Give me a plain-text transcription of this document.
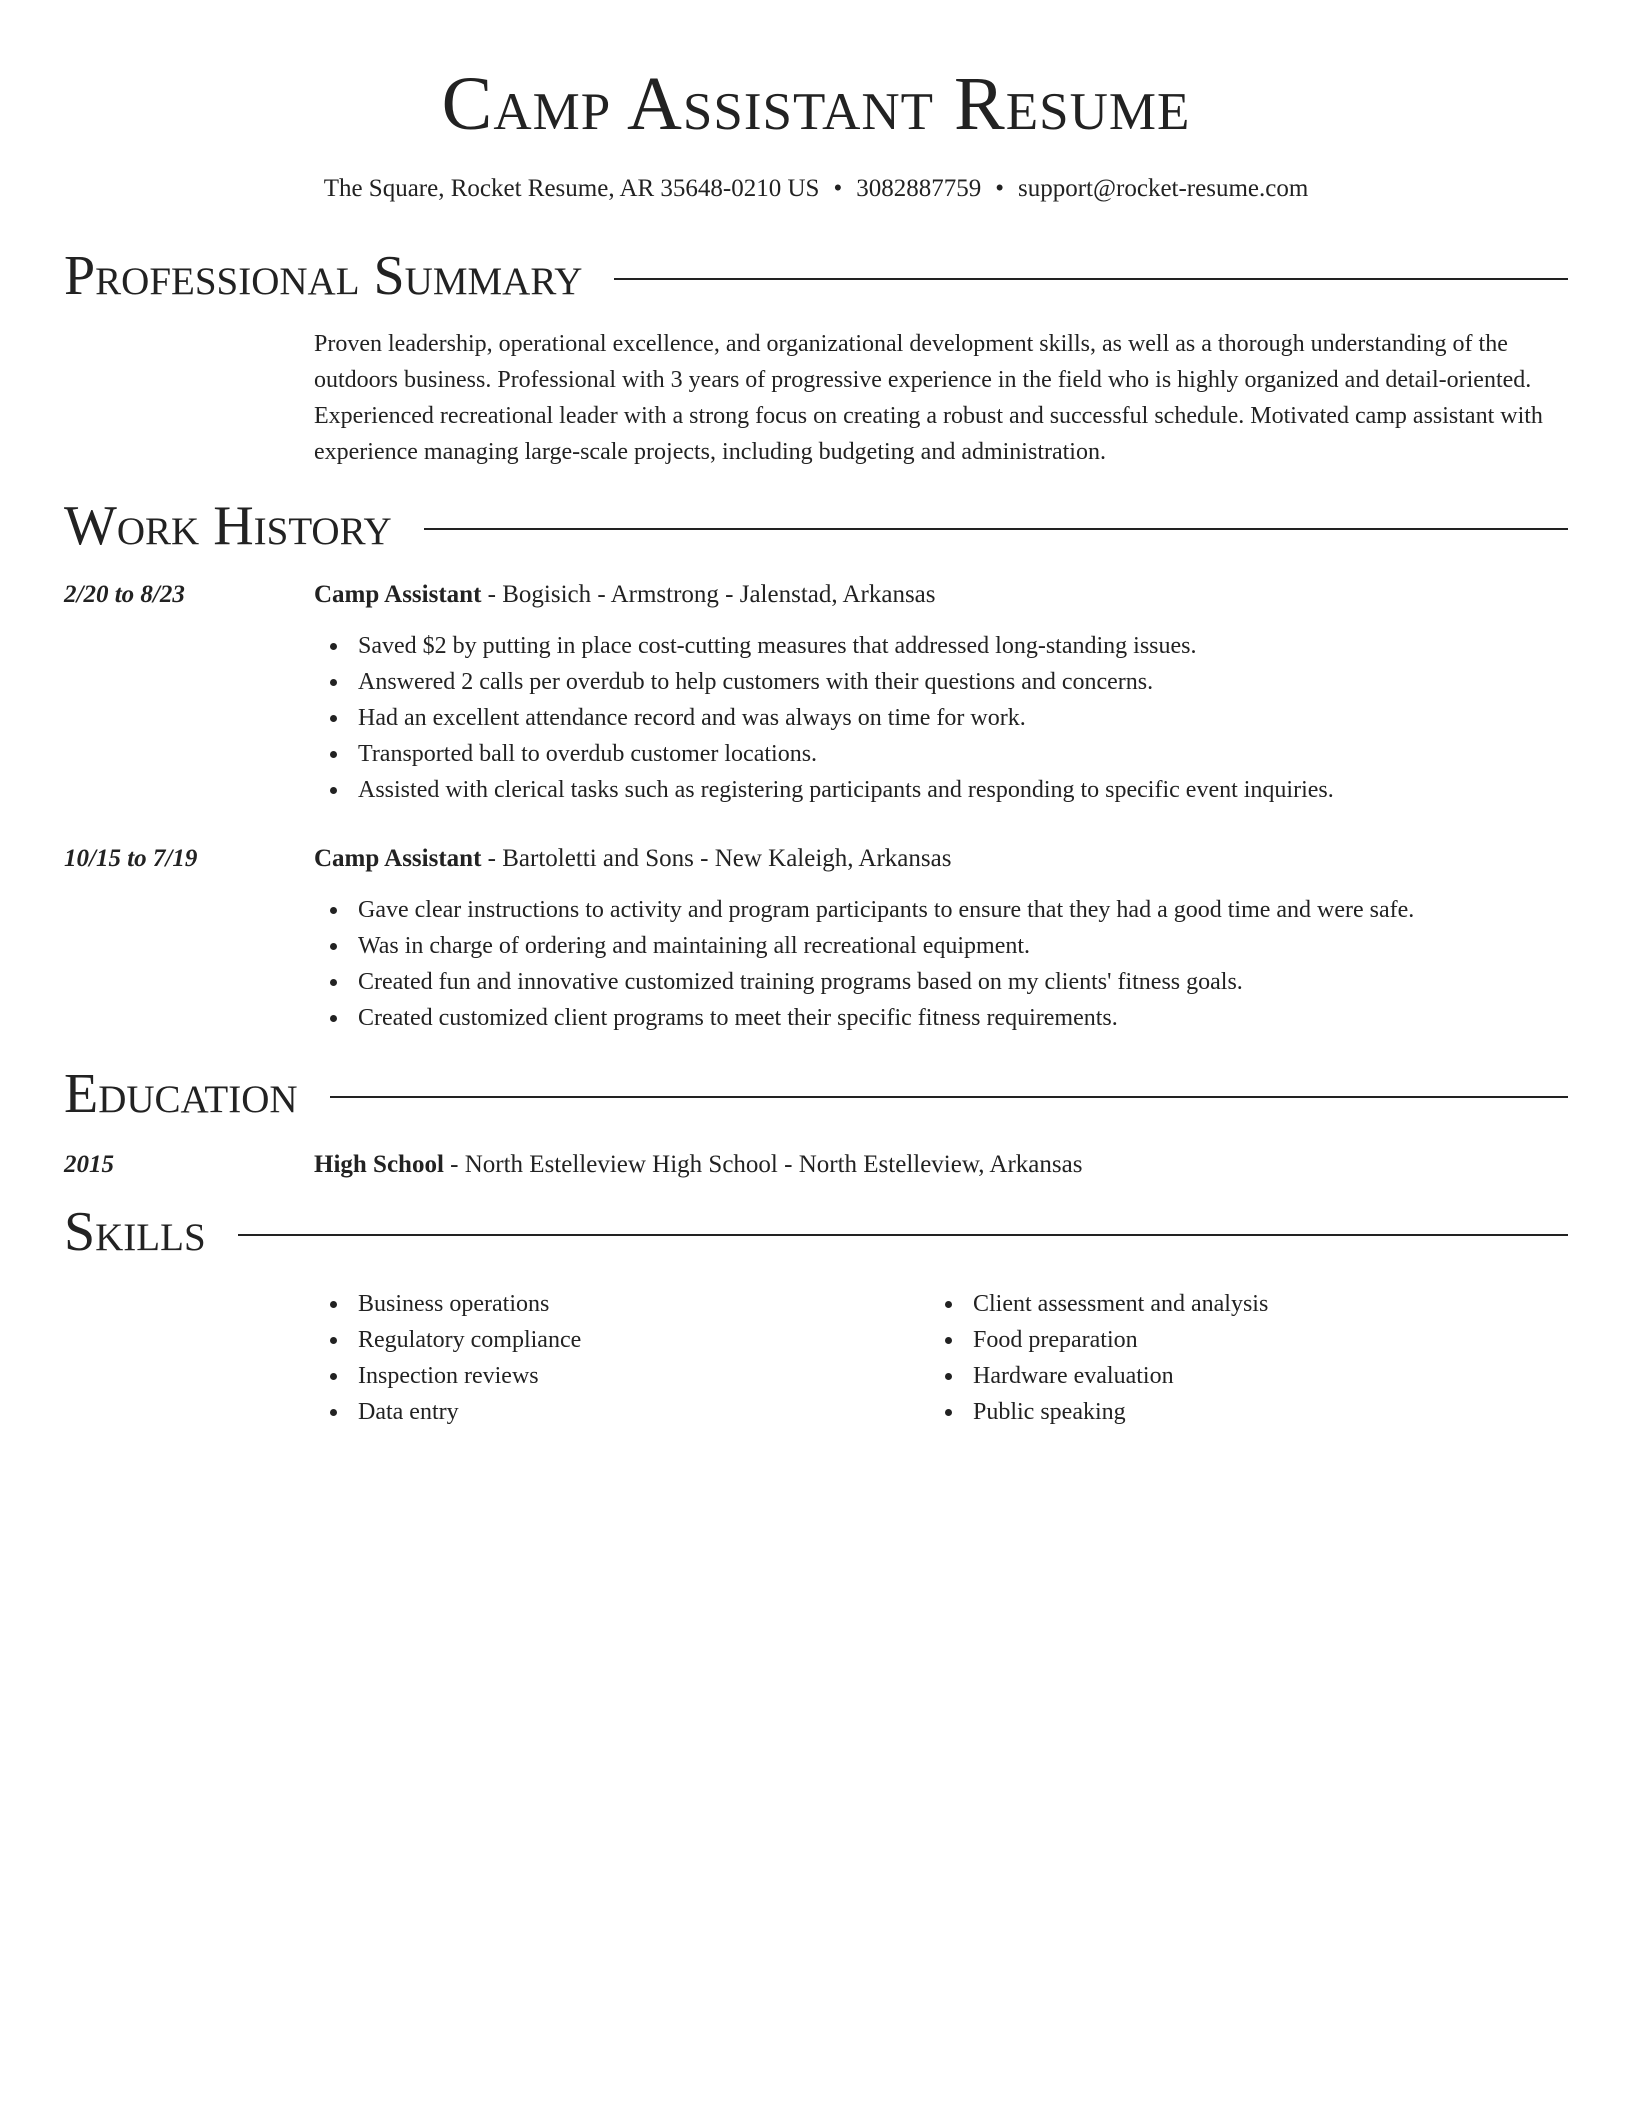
Camp Assistant Resume
The Square, Rocket Resume, AR 35648-0210 US • 3082887759 • support@rocket-resume.com
Professional Summary
Proven leadership, operational excellence, and organizational development skills, as well as a thorough understanding of the outdoors business. Professional with 3 years of progressive experience in the field who is highly organized and detail-oriented. Experienced recreational leader with a strong focus on creating a robust and successful schedule. Motivated camp assistant with experience managing large-scale projects, including budgeting and administration.
Work History
2/20 to 8/23	Camp Assistant - Bogisich - Armstrong - Jalenstad, Arkansas
Saved $2 by putting in place cost-cutting measures that addressed long-standing issues.
Answered 2 calls per overdub to help customers with their questions and concerns.
Had an excellent attendance record and was always on time for work.
Transported ball to overdub customer locations.
Assisted with clerical tasks such as registering participants and responding to specific event inquiries.
10/15 to 7/19	Camp Assistant - Bartoletti and Sons - New Kaleigh, Arkansas
Gave clear instructions to activity and program participants to ensure that they had a good time and were safe.
Was in charge of ordering and maintaining all recreational equipment.
Created fun and innovative customized training programs based on my clients' fitness goals.
Created customized client programs to meet their specific fitness requirements.
Education
2015	High School - North Estelleview High School - North Estelleview, Arkansas
Skills
Business operations
Regulatory compliance
Inspection reviews
Data entry
Client assessment and analysis
Food preparation
Hardware evaluation
Public speaking
